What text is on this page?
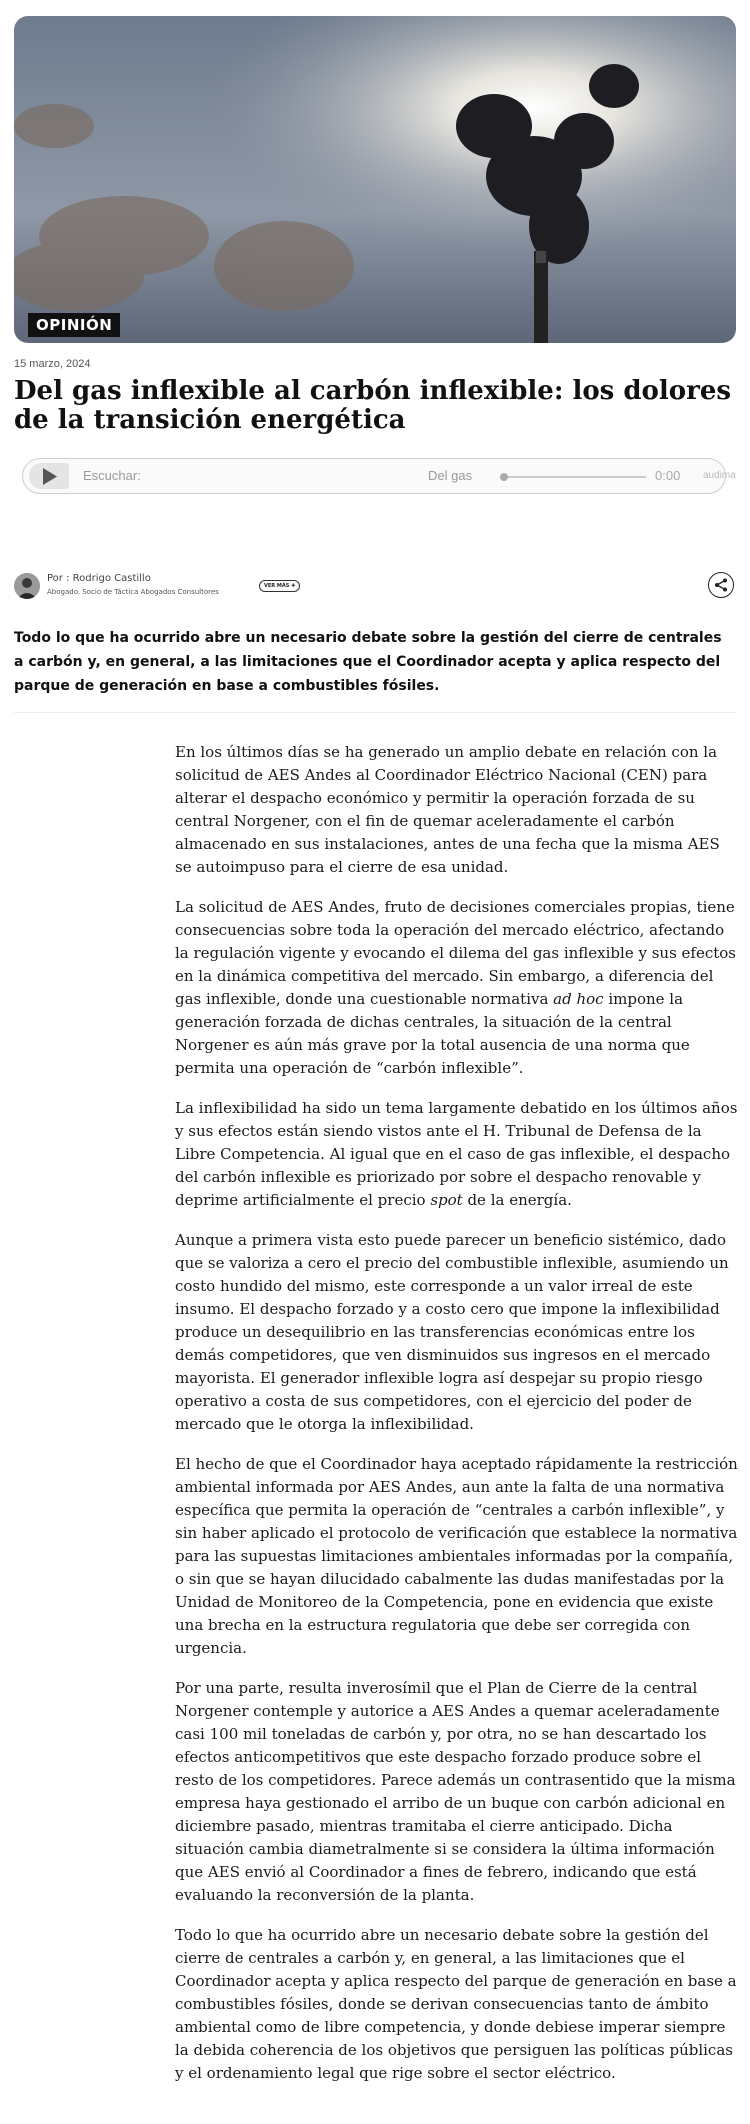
OPINIÓN
15 marzo, 2024
Del gas inflexible al carbón inflexible: los dolores de la transición energética
Escuchar:	Del gas	0:00 audima
Por : Rodrigo Castillo
Abogado. Socio de Táctica Abogados Consultores
VER MÁS ✚

Todo lo que ha ocurrido abre un necesario debate sobre la gestión del cierre de centrales a carbón y, en general, a las limitaciones que el Coordinador acepta y aplica respecto del parque de generación en base a combustibles fósiles.

En los últimos días se ha generado un amplio debate en relación con la solicitud de AES Andes al Coordinador Eléctrico Nacional (CEN) para alterar el despacho económico y permitir la operación forzada de su central Norgener, con el fin de quemar aceleradamente el carbón almacenado en sus instalaciones, antes de una fecha que la misma AES se autoimpuso para el cierre de esa unidad.

La solicitud de AES Andes, fruto de decisiones comerciales propias, tiene consecuencias sobre toda la operación del mercado eléctrico, afectando la regulación vigente y evocando el dilema del gas inflexible y sus efectos en la dinámica competitiva del mercado. Sin embargo, a diferencia del gas inflexible, donde una cuestionable normativa ad hoc impone la generación forzada de dichas centrales, la situación de la central Norgener es aún más grave por la total ausencia de una norma que permita una operación de “carbón inflexible”.

La inflexibilidad ha sido un tema largamente debatido en los últimos años y sus efectos están siendo vistos ante el H. Tribunal de Defensa de la Libre Competencia. Al igual que en el caso de gas inflexible, el despacho del carbón inflexible es priorizado por sobre el despacho renovable y deprime artificialmente el precio spot de la energía.

Aunque a primera vista esto puede parecer un beneficio sistémico, dado que se valoriza a cero el precio del combustible inflexible, asumiendo un costo hundido del mismo, este corresponde a un valor irreal de este insumo. El despacho forzado y a costo cero que impone la inflexibilidad produce un desequilibrio en las transferencias económicas entre los demás competidores, que ven disminuidos sus ingresos en el mercado mayorista. El generador inflexible logra así despejar su propio riesgo operativo a costa de sus competidores, con el ejercicio del poder de mercado que le otorga la inflexibilidad.

El hecho de que el Coordinador haya aceptado rápidamente la restricción ambiental informada por AES Andes, aun ante la falta de una normativa específica que permita la operación de “centrales a carbón inflexible”, y sin haber aplicado el protocolo de verificación que establece la normativa para las supuestas limitaciones ambientales informadas por la compañía, o sin que se hayan dilucidado cabalmente las dudas manifestadas por la Unidad de Monitoreo de la Competencia, pone en evidencia que existe una brecha en la estructura regulatoria que debe ser corregida con urgencia.

Por una parte, resulta inverosímil que el Plan de Cierre de la central Norgener contemple y autorice a AES Andes a quemar aceleradamente casi 100 mil toneladas de carbón y, por otra, no se han descartado los efectos anticompetitivos que este despacho forzado produce sobre el resto de los competidores. Parece además un contrasentido que la misma empresa haya gestionado el arribo de un buque con carbón adicional en diciembre pasado, mientras tramitaba el cierre anticipado. Dicha situación cambia diametralmente si se considera la última información que AES envió al Coordinador a fines de febrero, indicando que está evaluando la reconversión de la planta.

Todo lo que ha ocurrido abre un necesario debate sobre la gestión del cierre de centrales a carbón y, en general, a las limitaciones que el Coordinador acepta y aplica respecto del parque de generación en base a combustibles fósiles, donde se derivan consecuencias tanto de ámbito ambiental como de libre competencia, y donde debiese imperar siempre la debida coherencia de los objetivos que persiguen las políticas públicas y el ordenamiento legal que rige sobre el sector eléctrico.
